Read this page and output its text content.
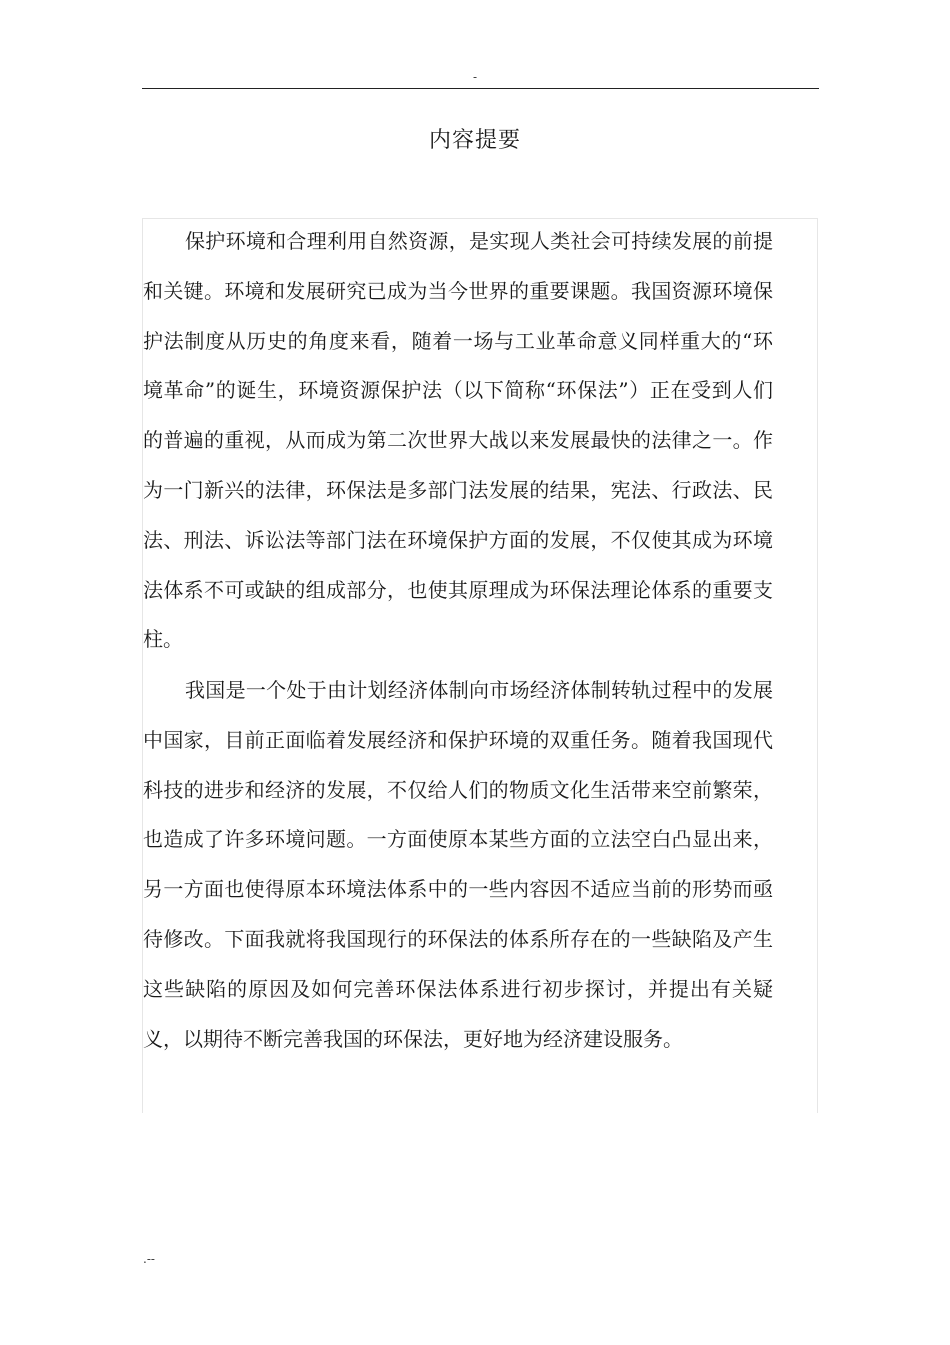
-
内容提要

保护环境和合理利用自然资源，是实现人类社会可持续发展的前提和关键。环境和发展研究已成为当今世界的重要课题。我国资源环境保护法制度从历史的角度来看，随着一场与工业革命意义同样重大的“环境革命”的诞生，环境资源保护法（以下简称“环保法”）正在受到人们的普遍的重视，从而成为第二次世界大战以来发展最快的法律之一。作为一门新兴的法律，环保法是多部门法发展的结果，宪法、行政法、民法、刑法、诉讼法等部门法在环境保护方面的发展，不仅使其成为环境法体系不可或缺的组成部分，也使其原理成为环保法理论体系的重要支柱。

我国是一个处于由计划经济体制向市场经济体制转轨过程中的发展中国家，目前正面临着发展经济和保护环境的双重任务。随着我国现代科技的进步和经济的发展，不仅给人们的物质文化生活带来空前繁荣，也造成了许多环境问题。一方面使原本某些方面的立法空白凸显出来，另一方面也使得原本环境法体系中的一些内容因不适应当前的形势而亟待修改。下面我就将我国现行的环保法的体系所存在的一些缺陷及产生这些缺陷的原因及如何完善环保法体系进行初步探讨，并提出有关疑义，以期待不断完善我国的环保法，更好地为经济建设服务。

.--
